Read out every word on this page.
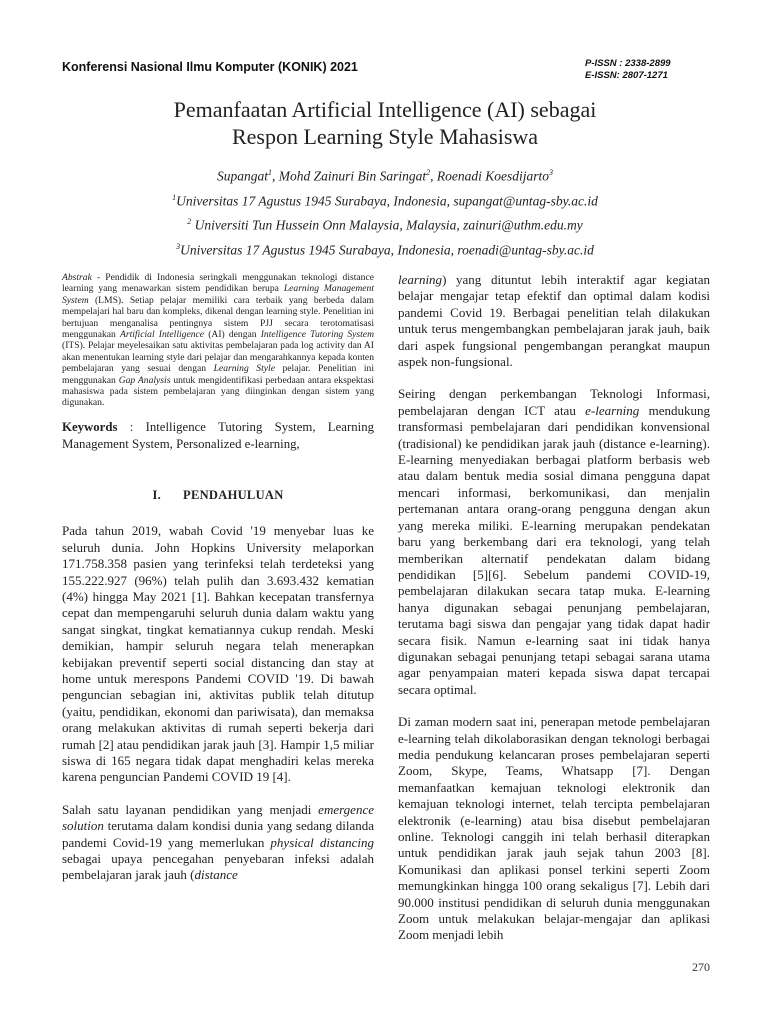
Konferensi Nasional Ilmu Komputer (KONIK) 2021	P-ISSN : 2338-2899
E-ISSN: 2807-1271
Pemanfaatan Artificial Intelligence (AI) sebagai
Respon Learning Style Mahasiswa
Supangat$^1$, Mohd Zainuri Bin Saringat$^2$, Roenadi Koesdijarto$^3$
$^1$Universitas 17 Agustus 1945 Surabaya, Indonesia, supangat@untag-sby.ac.id
$^2$ Universiti Tun Hussein Onn Malaysia, Malaysia, zainuri@uthm.edu.my
$^3$Universitas 17 Agustus 1945 Surabaya, Indonesia, roenadi@untag-sby.ac.id
Abstrak - Pendidik di Indonesia seringkali menggunakan teknologi distance learning yang menawarkan sistem pendidikan berupa Learning Management System (LMS). Setiap pelajar memiliki cara terbaik yang berbeda dalam mempelajari hal baru dan kompleks, dikenal dengan learning style. Penelitian ini bertujuan menganalisa pentingnya sistem PJJ secara terotomatisasi menggunakan Artificial Intelligence (AI) dengan Intelligence Tutoring System (ITS). Pelajar meyelesaikan satu aktivitas pembelajaran pada log activity dan AI akan menentukan learning style dari pelajar dan mengarahkannya kepada konten pembelajaran yang sesuai dengan Learning Style pelajar. Penelitian ini menggunakan Gap Analysis untuk mengidentifikasi perbedaan antara ekspektasi mahasiswa pada sistem pembelajaran yang diinginkan dengan sistem yang digunakan.
Keywords : Intelligence Tutoring System, Learning Management System, Personalized e-learning,
I. PENDAHULUAN

Pada tahun 2019, wabah Covid '19 menyebar luas ke seluruh dunia. John Hopkins University melaporkan 171.758.358 pasien yang terinfeksi telah terdeteksi yang 155.222.927 (96%) telah pulih dan 3.693.432 kematian (4%) hingga May 2021 [1]. Bahkan kecepatan transfernya cepat dan mempengaruhi seluruh dunia dalam waktu yang sangat singkat, tingkat kematiannya cukup rendah. Meski demikian, hampir seluruh negara telah menerapkan kebijakan preventif seperti social distancing dan stay at home untuk merespons Pandemi COVID '19. Di bawah penguncian sebagian ini, aktivitas publik telah ditutup (yaitu, pendidikan, ekonomi dan pariwisata), dan memaksa orang melakukan aktivitas di rumah seperti bekerja dari rumah [2] atau pendidikan jarak jauh [3]. Hampir 1,5 miliar siswa di 165 negara tidak dapat menghadiri kelas mereka karena penguncian Pandemi COVID 19 [4].

Salah satu layanan pendidikan yang menjadi emergence solution terutama dalam kondisi dunia yang sedang dilanda pandemi Covid-19 yang memerlukan physical distancing sebagai upaya pencegahan penyebaran infeksi adalah pembelajaran jarak jauh (distance

learning) yang dituntut lebih interaktif agar kegiatan belajar mengajar tetap efektif dan optimal dalam kodisi pandemi Covid 19. Berbagai penelitian telah dilakukan untuk terus mengembangkan pembelajaran jarak jauh, baik dari aspek fungsional pengembangan perangkat maupun aspek non-fungsional.

Seiring dengan perkembangan Teknologi Informasi, pembelajaran dengan ICT atau e-learning mendukung transformasi pembelajaran dari pendidikan konvensional (tradisional) ke pendidikan jarak jauh (distance e-learning). E-learning menyediakan berbagai platform berbasis web atau dalam bentuk media sosial dimana pengguna dapat mencari informasi, berkomunikasi, dan menjalin pertemanan antara orang-orang pengguna dengan akun yang mereka miliki. E-learning merupakan pendekatan baru yang berkembang dari era teknologi, yang telah memberikan alternatif pendekatan dalam bidang pendidikan [5][6]. Sebelum pandemi COVID-19, pembelajaran dilakukan secara tatap muka. E-learning hanya digunakan sebagai penunjang pembelajaran, terutama bagi siswa dan pengajar yang tidak dapat hadir secara fisik. Namun e-learning saat ini tidak hanya digunakan sebagai penunjang tetapi sebagai sarana utama agar penyampaian materi kepada siswa dapat tercapai secara optimal.

Di zaman modern saat ini, penerapan metode pembelajaran e-learning telah dikolaborasikan dengan teknologi berbagai media pendukung kelancaran proses pembelajaran seperti Zoom, Skype, Teams, Whatsapp [7]. Dengan memanfaatkan kemajuan teknologi elektronik dan kemajuan teknologi internet, telah tercipta pembelajaran elektronik (e-learning) atau bisa disebut pembelajaran online. Teknologi canggih ini telah berhasil diterapkan untuk pendidikan jarak jauh sejak tahun 2003 [8]. Komunikasi dan aplikasi ponsel terkini seperti Zoom memungkinkan hingga 100 orang sekaligus [7]. Lebih dari 90.000 institusi pendidikan di seluruh dunia menggunakan Zoom untuk melakukan belajar-mengajar dan aplikasi Zoom menjadi lebih

270
